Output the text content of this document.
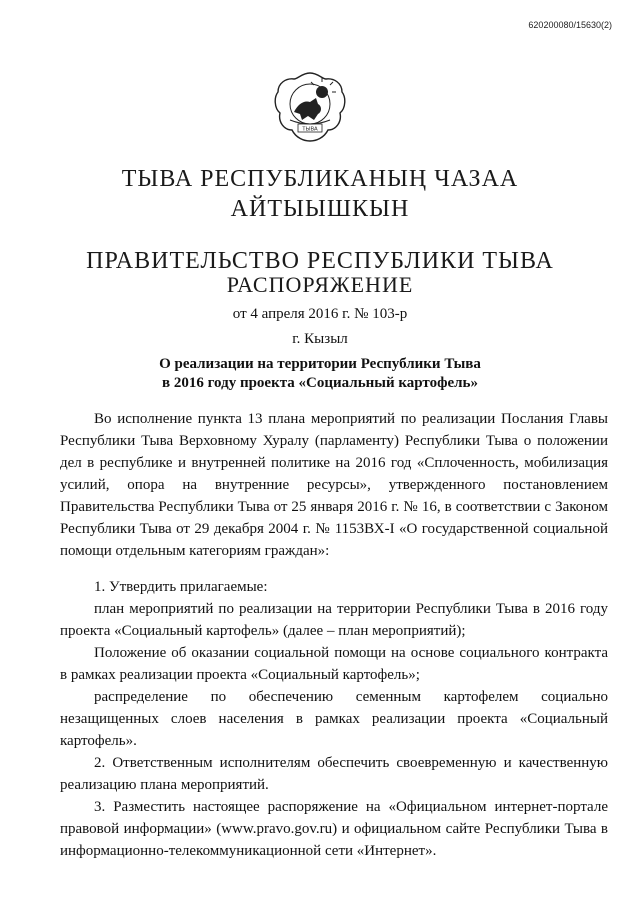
620200080/15630(2)
ТЫВА
ТЫВА РЕСПУБЛИКАНЫҢ ЧАЗАА
АЙТЫЫШКЫН
ПРАВИТЕЛЬСТВО РЕСПУБЛИКИ ТЫВА
РАСПОРЯЖЕНИЕ
от 4 апреля 2016 г. № 103-р
г. Кызыл
О реализации на территории Республики Тыва
в 2016 году проекта «Социальный картофель»

Во исполнение пункта 13 плана мероприятий по реализации Послания Главы Республики Тыва Верховному Хуралу (парламенту) Республики Тыва о положении дел в республике и внутренней политике на 2016 год «Сплоченность, мобилизация усилий, опора на внутренние ресурсы», утвержденного постановлением Правительства Республики Тыва от 25 января 2016 г. № 16, в соответствии с Законом Республики Тыва от 29 декабря 2004 г. № 1153ВХ-I «О государственной социальной помощи отдельным категориям граждан»:

1. Утвердить прилагаемые:

план мероприятий по реализации на территории Республики Тыва в 2016 году проекта «Социальный картофель» (далее – план мероприятий);

Положение об оказании социальной помощи на основе социального контракта в рамках реализации проекта «Социальный картофель»;

распределение по обеспечению семенным картофелем социально незащищенных слоев населения в рамках реализации проекта «Социальный картофель».

2. Ответственным исполнителям обеспечить своевременную и качественную реализацию плана мероприятий.

3. Разместить настоящее распоряжение на «Официальном интернет-портале правовой информации» (www.pravo.gov.ru) и официальном сайте Республики Тыва в информационно-телекоммуникационной сети «Интернет».
